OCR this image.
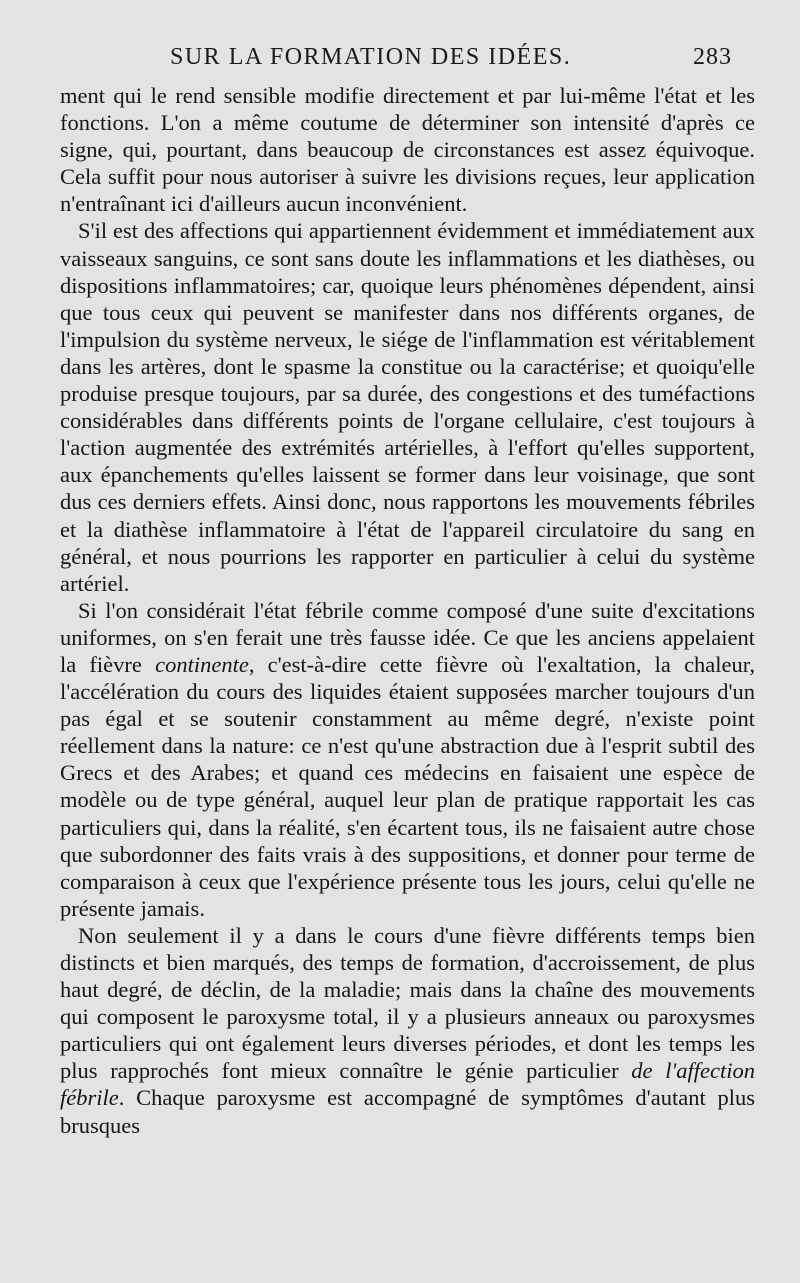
SUR LA FORMATION DES IDÉES.	283

ment qui le rend sensible modifie directement et par lui-même l'état et les fonctions. L'on a même coutume de déterminer son intensité d'après ce signe, qui, pourtant, dans beaucoup de circonstances est assez équivoque. Cela suffit pour nous autoriser à suivre les divisions reçues, leur application n'entraînant ici d'ailleurs aucun inconvénient.

S'il est des affections qui appartiennent évidemment et immédiatement aux vaisseaux sanguins, ce sont sans doute les inflammations et les diathèses, ou dispositions inflammatoires; car, quoique leurs phénomènes dépendent, ainsi que tous ceux qui peuvent se manifester dans nos différents organes, de l'impulsion du système nerveux, le siége de l'inflammation est véritablement dans les artères, dont le spasme la constitue ou la caractérise; et quoiqu'elle produise presque toujours, par sa durée, des congestions et des tuméfactions considérables dans différents points de l'organe cellulaire, c'est toujours à l'action augmentée des extrémités artérielles, à l'effort qu'elles supportent, aux épanchements qu'elles laissent se former dans leur voisinage, que sont dus ces derniers effets. Ainsi donc, nous rapportons les mouvements fébriles et la diathèse inflammatoire à l'état de l'appareil circulatoire du sang en général, et nous pourrions les rapporter en particulier à celui du système artériel.

Si l'on considérait l'état fébrile comme composé d'une suite d'excitations uniformes, on s'en ferait une très fausse idée. Ce que les anciens appelaient la fièvre continente, c'est-à-dire cette fièvre où l'exaltation, la chaleur, l'accélération du cours des liquides étaient supposées marcher toujours d'un pas égal et se soutenir constamment au même degré, n'existe point réellement dans la nature: ce n'est qu'une abstraction due à l'esprit subtil des Grecs et des Arabes; et quand ces médecins en faisaient une espèce de modèle ou de type général, auquel leur plan de pratique rapportait les cas particuliers qui, dans la réalité, s'en écartent tous, ils ne faisaient autre chose que subordonner des faits vrais à des suppositions, et donner pour terme de comparaison à ceux que l'expérience présente tous les jours, celui qu'elle ne présente jamais.

Non seulement il y a dans le cours d'une fièvre différents temps bien distincts et bien marqués, des temps de formation, d'accroissement, de plus haut degré, de déclin, de la maladie; mais dans la chaîne des mouvements qui composent le paroxysme total, il y a plusieurs anneaux ou paroxysmes particuliers qui ont également leurs diverses périodes, et dont les temps les plus rapprochés font mieux connaître le génie particulier de l'affection fébrile. Chaque paroxysme est accompagné de symptômes d'autant plus brusques
